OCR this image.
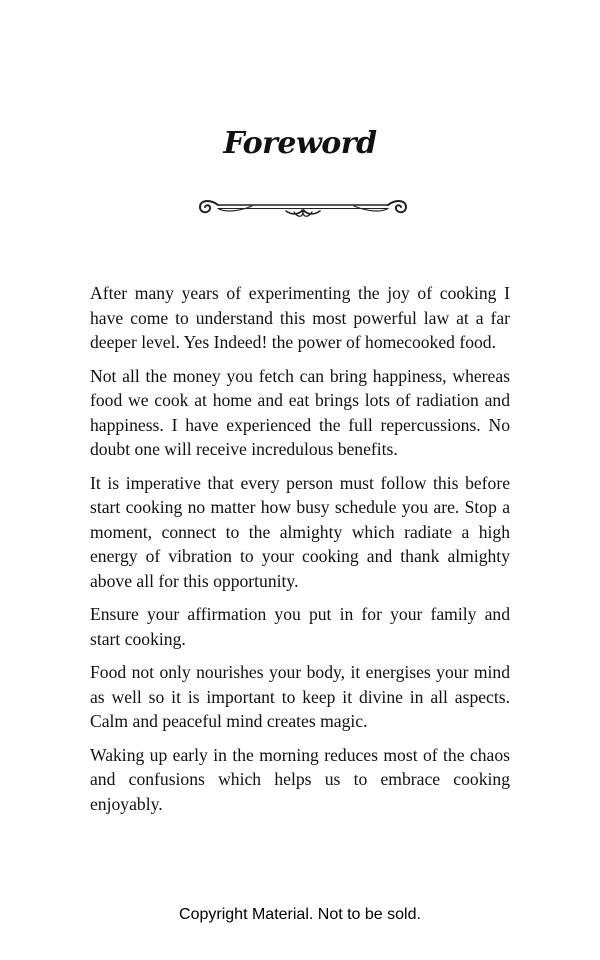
Foreword

After many years of experimenting the joy of cooking I have come to understand this most powerful law at a far deeper level. Yes Indeed! the power of homecooked food.

Not all the money you fetch can bring happiness, whereas food we cook at home and eat brings lots of radiation and happiness. I have experienced the full repercussions. No doubt one will receive incredulous benefits.

It is imperative that every person must follow this before start cooking no matter how busy schedule you are. Stop a moment, connect to the almighty which radiate a high energy of vibration to your cooking and thank almighty above all for this opportunity.

Ensure your affirmation you put in for your family and start cooking.

Food not only nourishes your body, it energises your mind as well so it is important to keep it divine in all aspects. Calm and peaceful mind creates magic.

Waking up early in the morning reduces most of the chaos and confusions which helps us to embrace cooking enjoyably.

Copyright Material. Not to be sold.
